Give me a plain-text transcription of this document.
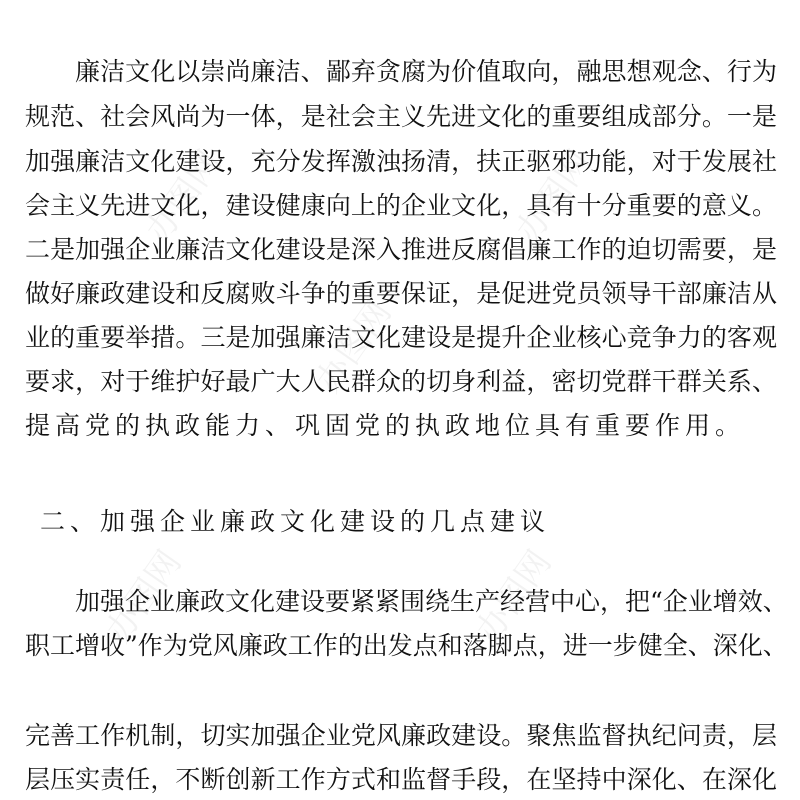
廉洁文化以崇尚廉洁、鄙弃贪腐为价值取向，融思想观念、行为
规范、社会风尚为一体，是社会主义先进文化的重要组成部分。一是
加强廉洁文化建设，充分发挥激浊扬清，扶正驱邪功能，对于发展社
会主义先进文化，建设健康向上的企业文化，具有十分重要的意义。
二是加强企业廉洁文化建设是深入推进反腐倡廉工作的迫切需要，是
做好廉政建设和反腐败斗争的重要保证，是促进党员领导干部廉洁从
业的重要举措。三是加强廉洁文化建设是提升企业核心竞争力的客观
要求，对于维护好最广大人民群众的切身利益，密切党群干群关系、
提高党的执政能力、巩固党的执政地位具有重要作用。
二、加强企业廉政文化建设的几点建议
加强企业廉政文化建设要紧紧围绕生产经营中心，把“企业增效、
职工增收”作为党风廉政工作的出发点和落脚点，进一步健全、深化、
完善工作机制，切实加强企业党风廉政建设。聚焦监督执纪问责，层
层压实责任，不断创新工作方式和监督手段，在坚持中深化、在深化
办图网	办图网
办图网
办图网	办图网
